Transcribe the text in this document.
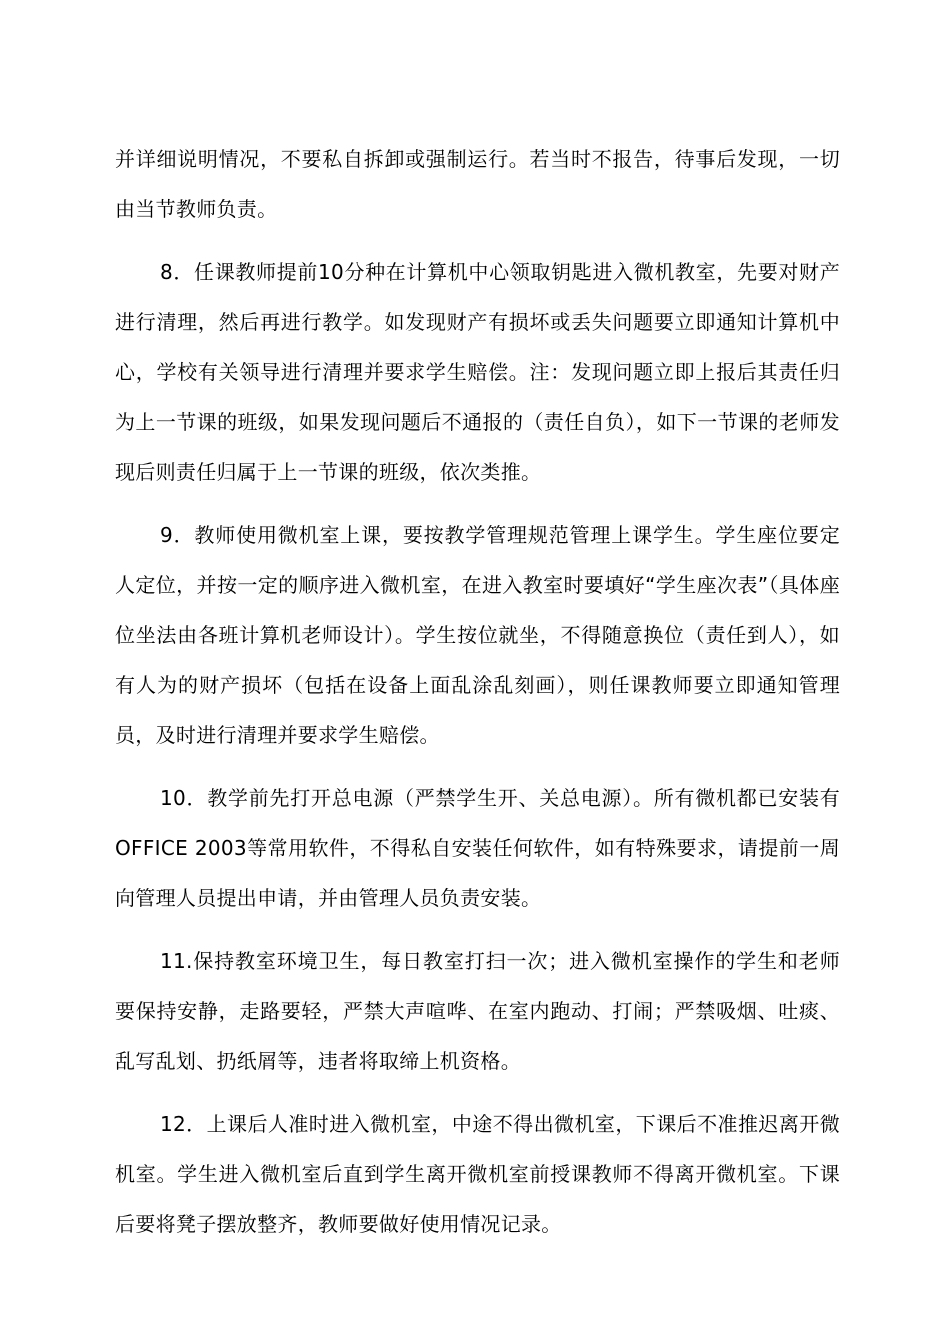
并详细说明情况，不要私自拆卸或强制运行。若当时不报告，待事后发现，一切由当节教师负责。

8．任课教师提前10分种在计算机中心领取钥匙进入微机教室，先要对财产进行清理，然后再进行教学。如发现财产有损坏或丢失问题要立即通知计算机中心，学校有关领导进行清理并要求学生赔偿。注：发现问题立即上报后其责任归为上一节课的班级，如果发现问题后不通报的（责任自负），如下一节课的老师发现后则责任归属于上一节课的班级，依次类推。

9．教师使用微机室上课，要按教学管理规范管理上课学生。学生座位要定人定位，并按一定的顺序进入微机室，在进入教室时要填好“学生座次表”（具体座位坐法由各班计算机老师设计）。学生按位就坐，不得随意换位（责任到人），如有人为的财产损坏（包括在设备上面乱涂乱刻画），则任课教师要立即通知管理员，及时进行清理并要求学生赔偿。

10．教学前先打开总电源（严禁学生开、关总电源）。所有微机都已安装有OFFICE 2003等常用软件，不得私自安装任何软件，如有特殊要求，请提前一周向管理人员提出申请，并由管理人员负责安装。

11.保持教室环境卫生，每日教室打扫一次；进入微机室操作的学生和老师要保持安静，走路要轻，严禁大声喧哗、在室内跑动、打闹；严禁吸烟、吐痰、乱写乱划、扔纸屑等，违者将取缔上机资格。

12．上课后人准时进入微机室，中途不得出微机室，下课后不准推迟离开微机室。学生进入微机室后直到学生离开微机室前授课教师不得离开微机室。下课后要将凳子摆放整齐，教师要做好使用情况记录。
